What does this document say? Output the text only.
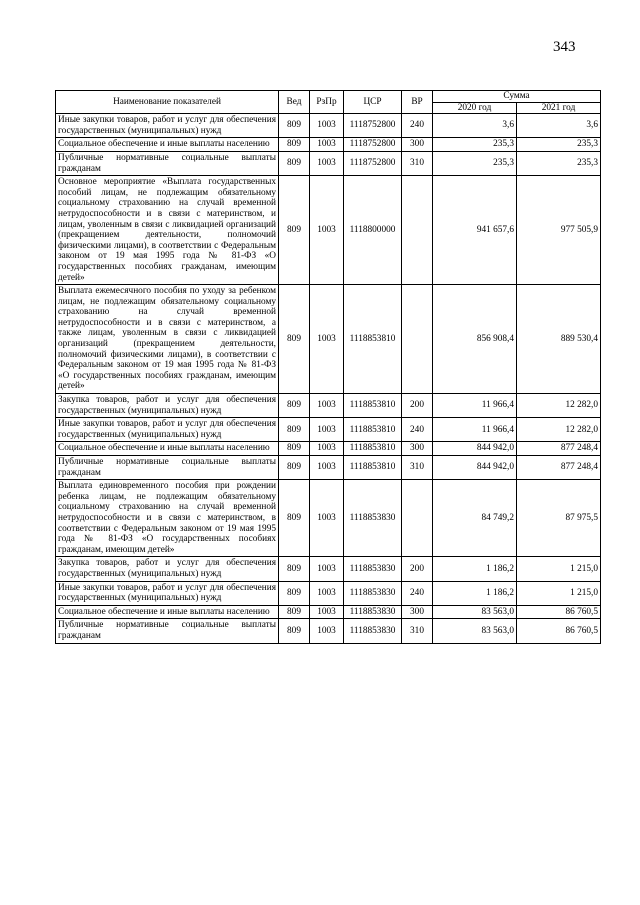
343
Наименование показателей	Вед	РзПр	ЦСР	ВР	Сумма	
					2020 год	2021 год
Иные закупки товаров, работ и услуг для обеспечения государственных (муниципальных) нужд	809	1003	1118752800	240	3,6	3,6
Социальное обеспечение и иные выплаты населению	809	1003	1118752800	300	235,3	235,3
Публичные нормативные социальные выплаты гражданам	809	1003	1118752800	310	235,3	235,3
Основное мероприятие «Выплата государственных пособий лицам, не подлежащим обязательному социальному страхованию на случай временной нетрудоспособности и в связи с материнством, и лицам, уволенным в связи с ликвидацией организаций (прекращением деятельности, полномочий физическими лицами), в соответствии с Федеральным законом от 19 мая 1995 года № 81-ФЗ «О государственных пособиях гражданам, имеющим детей»	809	1003	1118800000		941 657,6	977 505,9
Выплата ежемесячного пособия по уходу за ребенком лицам, не подлежащим обязательному социальному страхованию на случай временной нетрудоспособности и в связи с материнством, а также лицам, уволенным в связи с ликвидацией организаций (прекращением деятельности, полномочий физическими лицами), в соответствии с Федеральным законом от 19 мая 1995 года № 81-ФЗ «О государственных пособиях гражданам, имеющим детей»	809	1003	1118853810		856 908,4	889 530,4
Закупка товаров, работ и услуг для обеспечения государственных (муниципальных) нужд	809	1003	1118853810	200	11 966,4	12 282,0
Иные закупки товаров, работ и услуг для обеспечения государственных (муниципальных) нужд	809	1003	1118853810	240	11 966,4	12 282,0
Социальное обеспечение и иные выплаты населению	809	1003	1118853810	300	844 942,0	877 248,4
Публичные нормативные социальные выплаты гражданам	809	1003	1118853810	310	844 942,0	877 248,4
Выплата единовременного пособия при рождении ребенка лицам, не подлежащим обязательному социальному страхованию на случай временной нетрудоспособности и в связи с материнством, в соответствии с Федеральным законом от 19 мая 1995 года № 81-ФЗ «О государственных пособиях гражданам, имеющим детей»	809	1003	1118853830		84 749,2	87 975,5
Закупка товаров, работ и услуг для обеспечения государственных (муниципальных) нужд	809	1003	1118853830	200	1 186,2	1 215,0
Иные закупки товаров, работ и услуг для обеспечения государственных (муниципальных) нужд	809	1003	1118853830	240	1 186,2	1 215,0
Социальное обеспечение и иные выплаты населению	809	1003	1118853830	300	83 563,0	86 760,5
Публичные нормативные социальные выплаты гражданам	809	1003	1118853830	310	83 563,0	86 760,5
